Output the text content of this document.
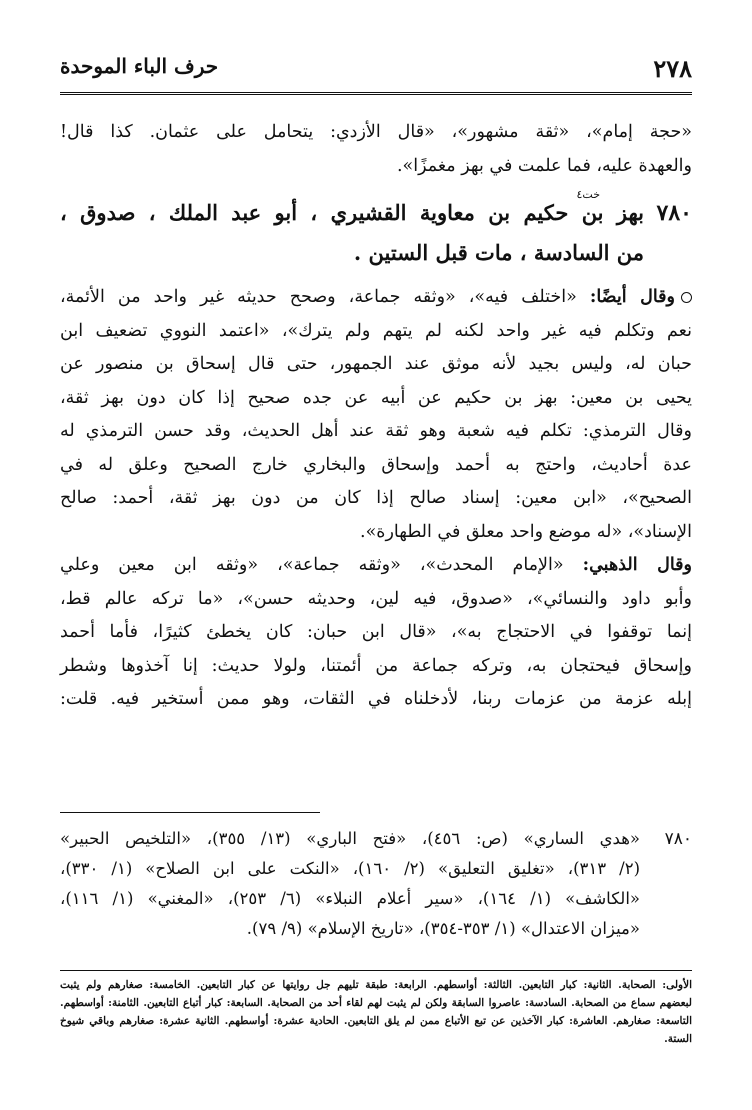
٢٧٨
حرف الباء الموحدة

«حجة إمام»، «ثقة مشهور»، «قال الأزدي: يتحامل على عثمان. كذا قال!

والعهدة عليه، فما علمت في بهز مغمزًا».

٧٨٠
خت٤

بهز بن حكيم بن معاوية القشيري ، أبو عبد الملك ، صدوق ،

من السادسة ، مات قبل الستين .

وقال أيضًا: «اختلف فيه»، «وثقه جماعة، وصحح حديثه غير واحد من الأئمة،

نعم وتكلم فيه غير واحد لكنه لم يتهم ولم يترك»، «اعتمد النووي تضعيف ابن

حبان له، وليس بجيد لأنه موثق عند الجمهور، حتى قال إسحاق بن منصور عن

يحيى بن معين: بهز بن حكيم عن أبيه عن جده صحيح إذا كان دون بهز ثقة،

وقال الترمذي: تكلم فيه شعبة وهو ثقة عند أهل الحديث، وقد حسن الترمذي له

عدة أحاديث، واحتج به أحمد وإسحاق والبخاري خارج الصحيح وعلق له في

الصحيح»، «ابن معين: إسناد صالح إذا كان من دون بهز ثقة، أحمد: صالح

الإسناد»، «له موضع واحد معلق في الطهارة».

وقال الذهبي: «الإمام المحدث»، «وثقه جماعة»، «وثقه ابن معين وعلي

وأبو داود والنسائي»، «صدوق، فيه لين، وحديثه حسن»، «ما تركه عالم قط،

إنما توقفوا في الاحتجاج به»، «قال ابن حبان: كان يخطئ كثيرًا، فأما أحمد

وإسحاق فيحتجان به، وتركه جماعة من أئمتنا، ولولا حديث: إنا آخذوها وشطر

إبله عزمة من عزمات ربنا، لأدخلناه في الثقات، وهو ممن أستخير فيه. قلت:

٧٨٠

«هدي الساري» (ص: ٤٥٦)، «فتح الباري» (١٣/ ٣٥٥)، «التلخيص الحبير»

(٢/ ٣١٣)، «تغليق التعليق» (٢/ ١٦٠)، «النكت على ابن الصلاح» (١/ ٣٣٠)،

«الكاشف» (١/ ١٦٤)، «سير أعلام النبلاء» (٦/ ٢٥٣)، «المغني» (١/ ١١٦)،

«ميزان الاعتدال» (١/ ٣٥٣-٣٥٤)، «تاريخ الإسلام» (٩/ ٧٩).

الأولى: الصحابة. الثانية: كبار التابعين. الثالثة: أواسطهم. الرابعة: طبقة تليهم جل روايتها عن كبار التابعين. الخامسة: صغارهم ولم يثبت

لبعضهم سماع من الصحابة. السادسة: عاصروا السابقة ولكن لم يثبت لهم لقاء أحد من الصحابة. السابعة: كبار أتباع التابعين. الثامنة: أواسطهم.

التاسعة: صغارهم. العاشرة: كبار الآخذين عن تبع الأتباع ممن لم يلق التابعين. الحادية عشرة: أواسطهم. الثانية عشرة: صغارهم وباقي شيوخ الستة.
